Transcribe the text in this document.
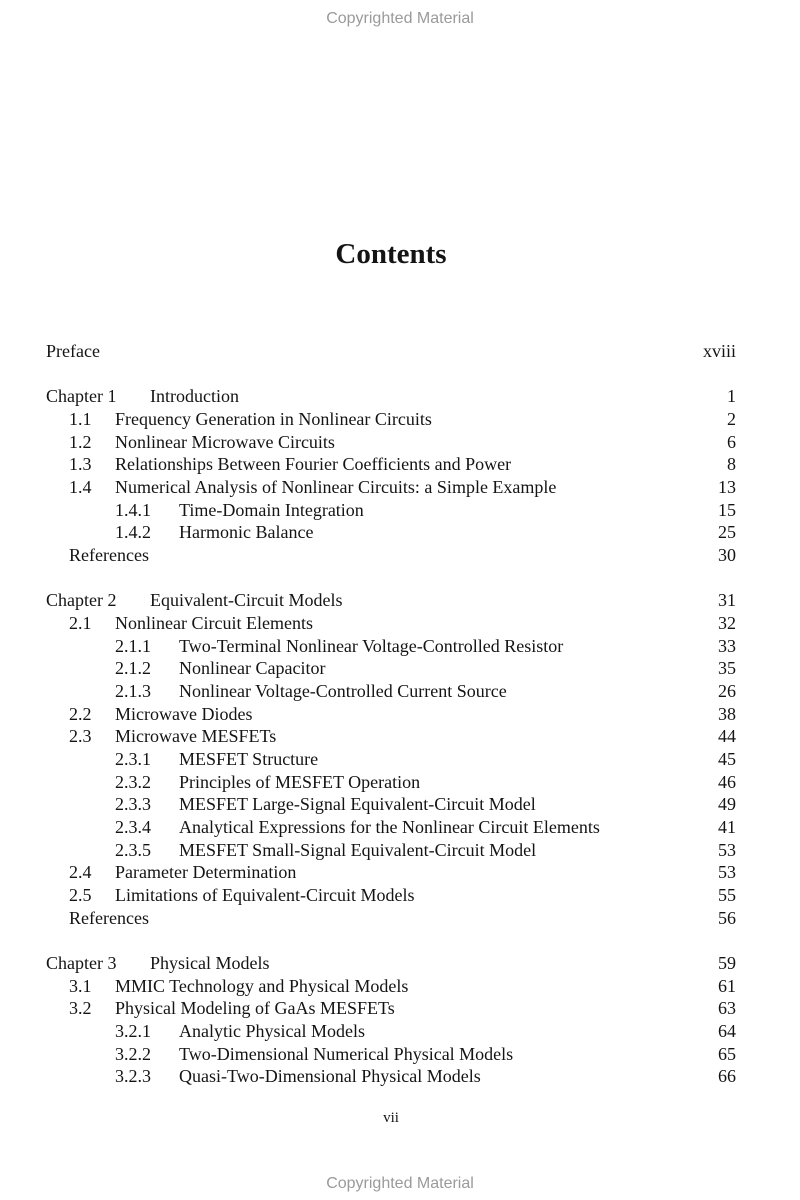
Copyrighted Material
Contents
Preface	xviii
Chapter 1 Introduction	1
1.1 Frequency Generation in Nonlinear Circuits	2
1.2 Nonlinear Microwave Circuits	6
1.3 Relationships Between Fourier Coefficients and Power	8
1.4 Numerical Analysis of Nonlinear Circuits: a Simple Example	13
1.4.1 Time-Domain Integration	15
1.4.2 Harmonic Balance	25
References	30
Chapter 2 Equivalent-Circuit Models	31
2.1 Nonlinear Circuit Elements	32
2.1.1 Two-Terminal Nonlinear Voltage-Controlled Resistor	33
2.1.2 Nonlinear Capacitor	35
2.1.3 Nonlinear Voltage-Controlled Current Source	26
2.2 Microwave Diodes	38
2.3 Microwave MESFETs	44
2.3.1 MESFET Structure	45
2.3.2 Principles of MESFET Operation	46
2.3.3 MESFET Large-Signal Equivalent-Circuit Model	49
2.3.4 Analytical Expressions for the Nonlinear Circuit Elements	41
2.3.5 MESFET Small-Signal Equivalent-Circuit Model	53
2.4 Parameter Determination	53
2.5 Limitations of Equivalent-Circuit Models	55
References	56
Chapter 3 Physical Models	59
3.1 MMIC Technology and Physical Models	61
3.2 Physical Modeling of GaAs MESFETs	63
3.2.1 Analytic Physical Models	64
3.2.2 Two-Dimensional Numerical Physical Models	65
3.2.3 Quasi-Two-Dimensional Physical Models	66
vii
Copyrighted Material
